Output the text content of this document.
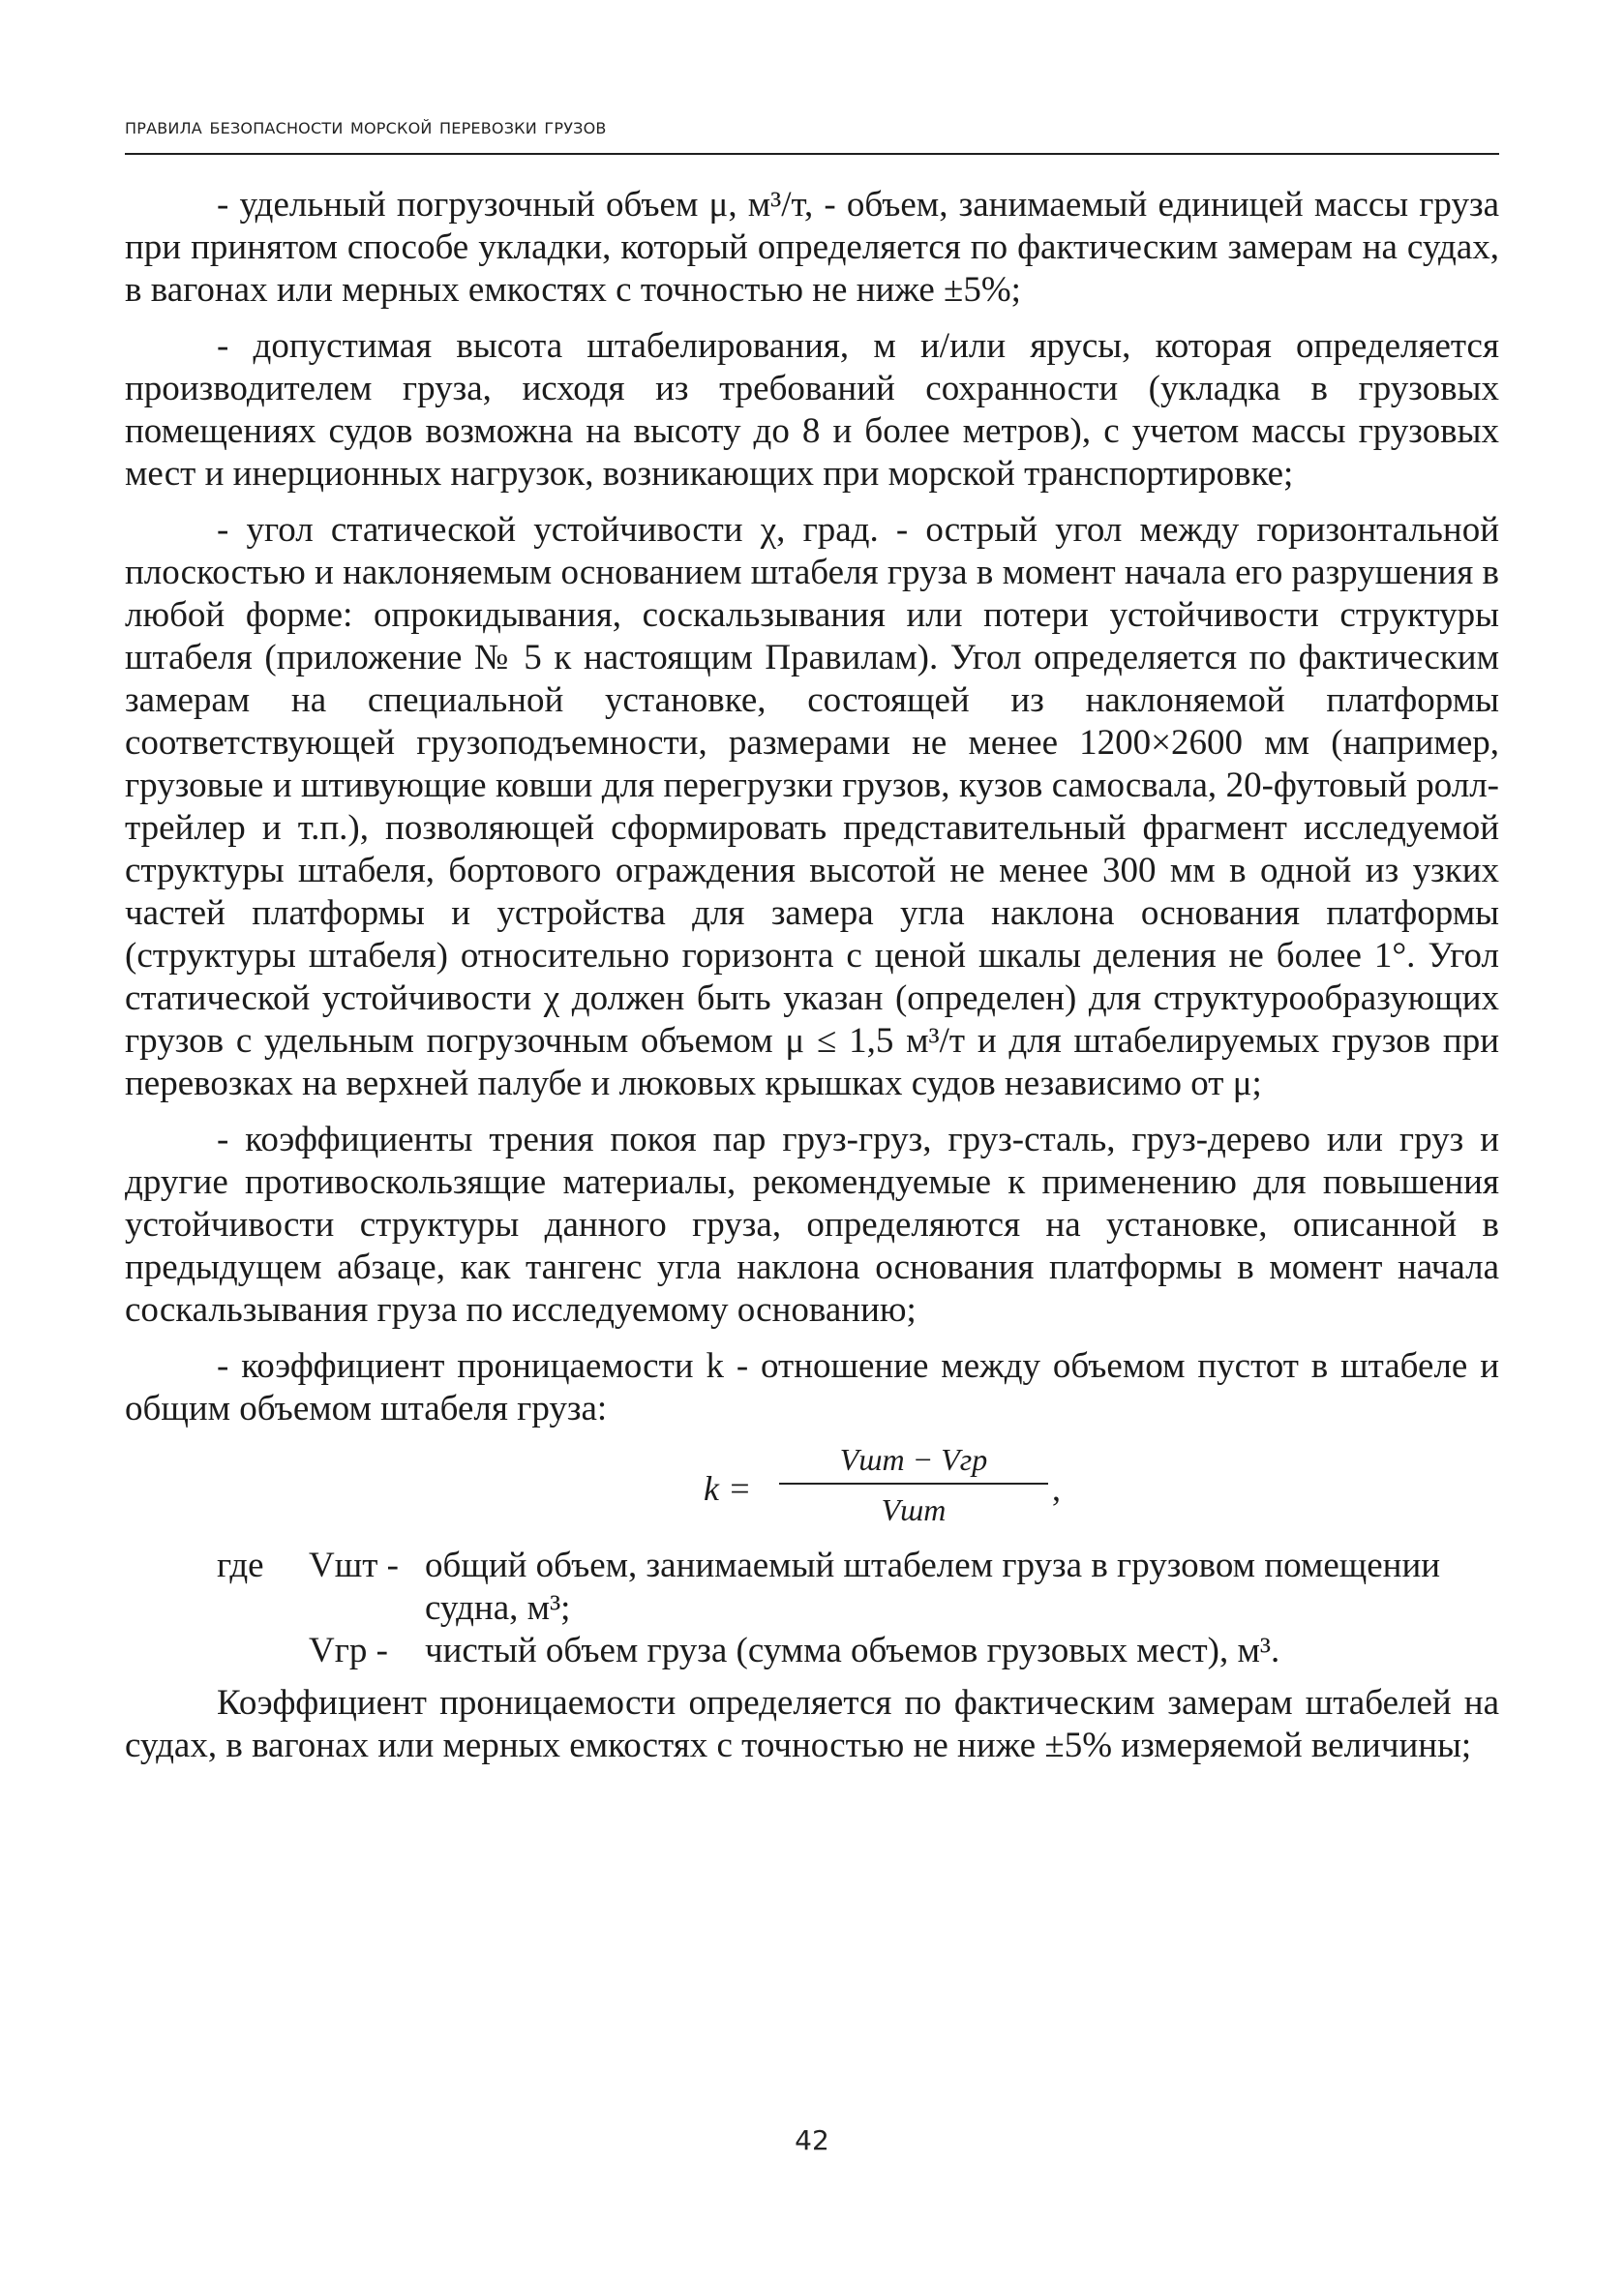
правила безопасности морской перевозки грузов

- удельный погрузочный объем μ, м³/т, - объем, занимаемый единицей массы груза при принятом способе укладки, который определяется по фактическим замерам на судах, в вагонах или мерных емкостях с точностью не ниже ±5%;

- допустимая высота штабелирования, м и/или ярусы, которая определяется производителем груза, исходя из требований сохранности (укладка в грузовых помещениях судов возможна на высоту до 8 и более метров), с учетом массы грузовых мест и инерционных нагрузок, возникающих при морской транспортировке;

- угол статической устойчивости χ, град. - острый угол между горизонтальной плоскостью и наклоняемым основанием штабеля груза в момент начала его разрушения в любой форме: опрокидывания, соскальзывания или потери устойчивости структуры штабеля (приложение № 5 к настоящим Правилам). Угол определяется по фактическим замерам на специальной установке, состоящей из наклоняемой платформы соответствующей грузоподъемности, размерами не менее 1200×2600 мм (например, грузовые и штивующие ковши для перегрузки грузов, кузов самосвала, 20-футовый ролл-трейлер и т.п.), позволяющей сформировать представительный фрагмент исследуемой структуры штабеля, бортового ограждения высотой не менее 300 мм в одной из узких частей платформы и устройства для замера угла наклона основания платформы (структуры штабеля) относительно горизонта с ценой шкалы деления не более 1°. Угол статической устойчивости χ должен быть указан (определен) для структурообразующих грузов с удельным погрузочным объемом μ ≤ 1,5 м³/т и для штабелируемых грузов при перевозках на верхней палубе и люковых крышках судов независимо от μ;

- коэффициенты трения покоя пар груз-груз, груз-сталь, груз-дерево или груз и другие противоскользящие материалы, рекомендуемые к применению для повышения устойчивости структуры данного груза, определяются на установке, описанной в предыдущем абзаце, как тангенс угла наклона основания платформы в момент начала соскальзывания груза по исследуемому основанию;

- коэффициент проницаемости k - отношение между объемом пустот в штабеле и общим объемом штабеля груза:

k =
Vшт − Vгр
Vшт
,
где	Vшт - общий объем, занимаемый штабелем груза в грузовом помещении судна, м³;
Vгр -	чистый объем груза (сумма объемов грузовых мест), м³.

Коэффициент проницаемости определяется по фактическим замерам штабелей на судах, в вагонах или мерных емкостях с точностью не ниже ±5% измеряемой величины;

42
